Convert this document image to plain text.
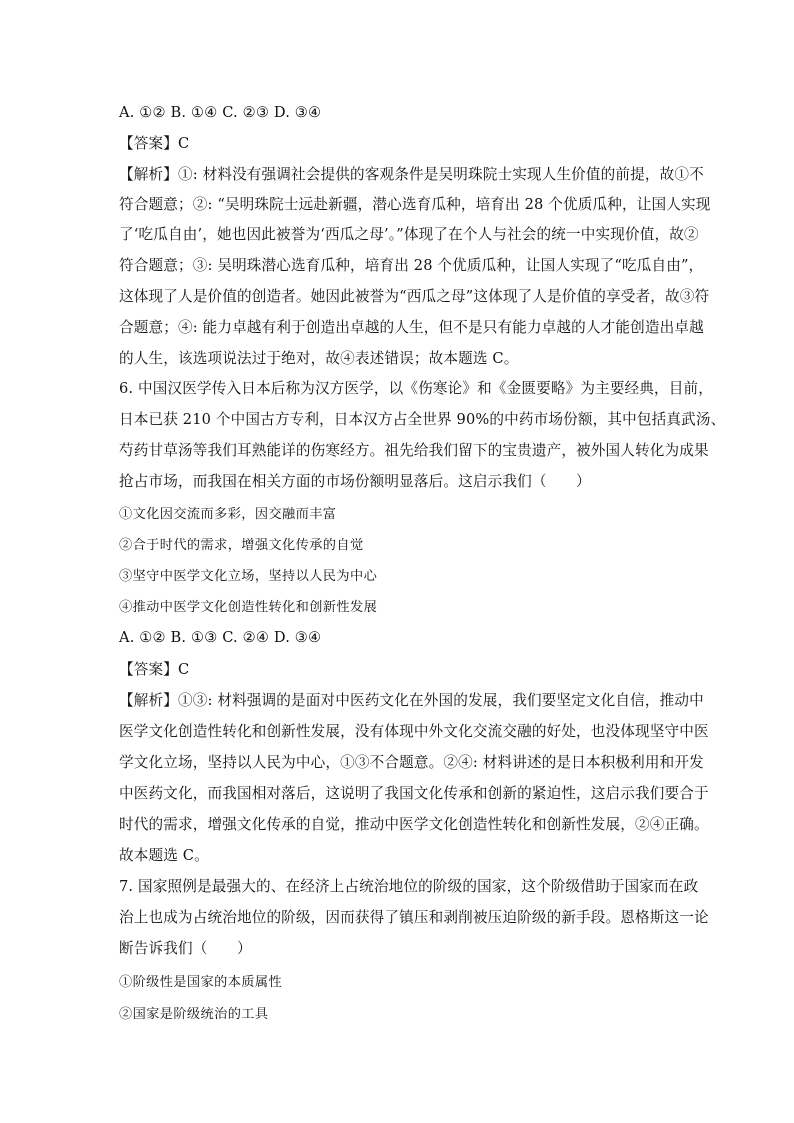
A. ①② B. ①④ C. ②③ D. ③④
【答案】C
【解析】①: 材料没有强调社会提供的客观条件是吴明珠院士实现人生价值的前提，故①不
符合题意；②: “吴明珠院士远赴新疆，潜心选育瓜种，培育出 28 个优质瓜种，让国人实现
了‘吃瓜自由’，她也因此被誉为‘西瓜之母’。”体现了在个人与社会的统一中实现价值，故②
符合题意；③: 吴明珠潜心选育瓜种，培育出 28 个优质瓜种，让国人实现了“吃瓜自由”，
这体现了人是价值的创造者。她因此被誉为“西瓜之母”这体现了人是价值的享受者，故③符
合题意；④: 能力卓越有利于创造出卓越的人生，但不是只有能力卓越的人才能创造出卓越
的人生，该选项说法过于绝对，故④表述错误；故本题选 C。
6. 中国汉医学传入日本后称为汉方医学，以《伤寒论》和《金匮要略》为主要经典，目前，
日本已获 210 个中国古方专利，日本汉方占全世界 90%的中药市场份额，其中包括真武汤、
芍药甘草汤等我们耳熟能详的伤寒经方。祖先给我们留下的宝贵遗产，被外国人转化为成果
抢占市场，而我国在相关方面的市场份额明显落后。这启示我们（　　）
①文化因交流而多彩，因交融而丰富
②合于时代的需求，增强文化传承的自觉
③坚守中医学文化立场，坚持以人民为中心
④推动中医学文化创造性转化和创新性发展
A. ①② B. ①③ C. ②④ D. ③④
【答案】C
【解析】①③: 材料强调的是面对中医药文化在外国的发展，我们要坚定文化自信，推动中
医学文化创造性转化和创新性发展，没有体现中外文化交流交融的好处，也没体现坚守中医
学文化立场，坚持以人民为中心，①③不合题意。②④: 材料讲述的是日本积极利用和开发
中医药文化，而我国相对落后，这说明了我国文化传承和创新的紧迫性，这启示我们要合于
时代的需求，增强文化传承的自觉，推动中医学文化创造性转化和创新性发展，②④正确。
故本题选 C。
7. 国家照例是最强大的、在经济上占统治地位的阶级的国家，这个阶级借助于国家而在政
治上也成为占统治地位的阶级，因而获得了镇压和剥削被压迫阶级的新手段。恩格斯这一论
断告诉我们（　　）
①阶级性是国家的本质属性
②国家是阶级统治的工具
